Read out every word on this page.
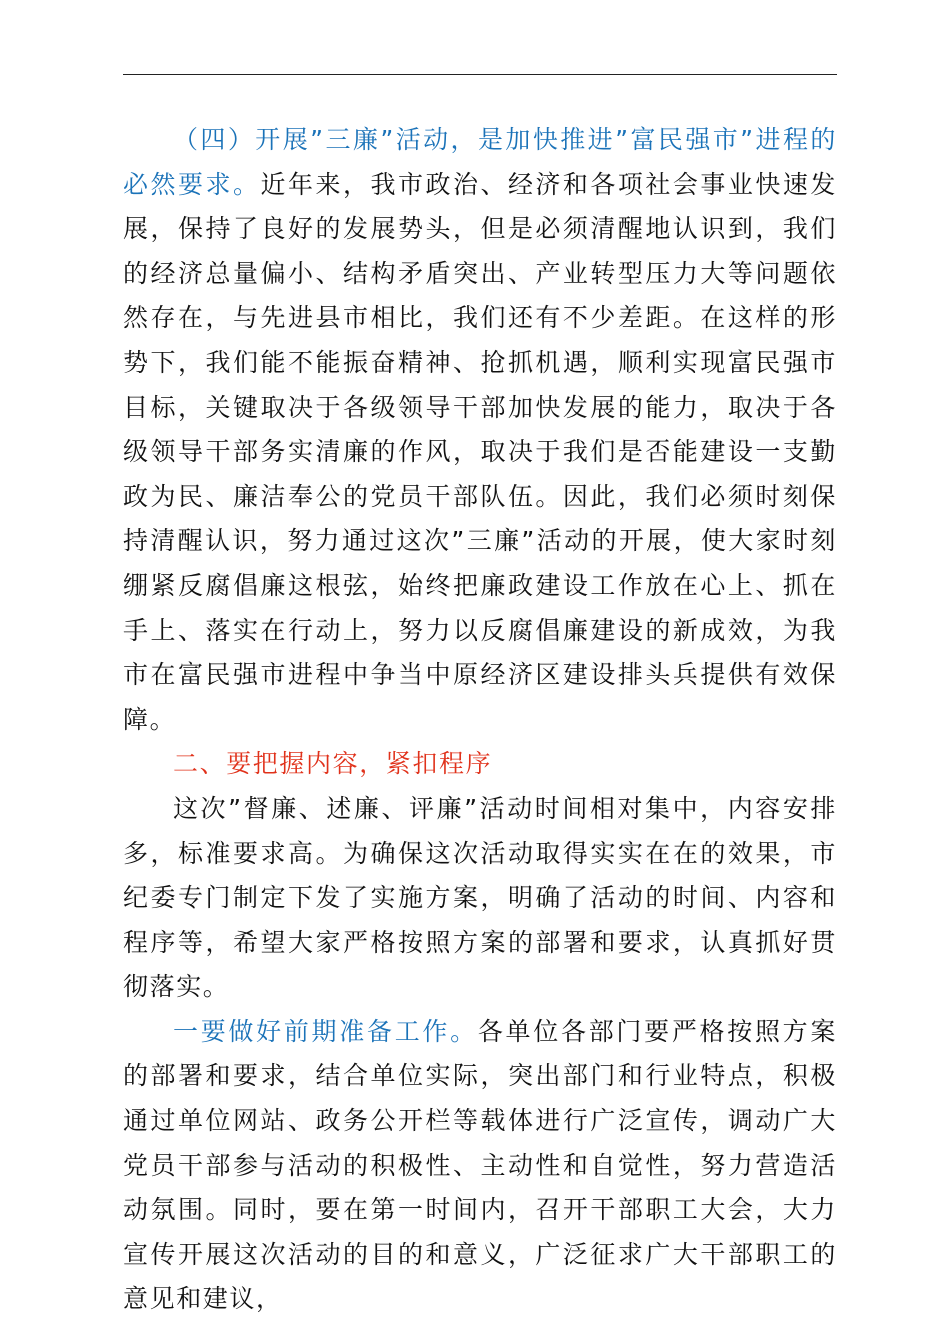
（四）开展”三廉”活动，是加快推进”富民强市”进程的必然要求。近年来，我市政治、经济和各项社会事业快速发展，保持了良好的发展势头，但是必须清醒地认识到，我们的经济总量偏小、结构矛盾突出、产业转型压力大等问题依然存在，与先进县市相比，我们还有不少差距。在这样的形势下，我们能不能振奋精神、抢抓机遇，顺利实现富民强市目标，关键取决于各级领导干部加快发展的能力，取决于各级领导干部务实清廉的作风，取决于我们是否能建设一支勤政为民、廉洁奉公的党员干部队伍。因此，我们必须时刻保持清醒认识，努力通过这次”三廉”活动的开展，使大家时刻绷紧反腐倡廉这根弦，始终把廉政建设工作放在心上、抓在手上、落实在行动上，努力以反腐倡廉建设的新成效，为我市在富民强市进程中争当中原经济区建设排头兵提供有效保障。

二、要把握内容，紧扣程序

这次”督廉、述廉、评廉”活动时间相对集中，内容安排多，标准要求高。为确保这次活动取得实实在在的效果，市纪委专门制定下发了实施方案，明确了活动的时间、内容和程序等，希望大家严格按照方案的部署和要求，认真抓好贯彻落实。

一要做好前期准备工作。各单位各部门要严格按照方案的部署和要求，结合单位实际，突出部门和行业特点，积极通过单位网站、政务公开栏等载体进行广泛宣传，调动广大党员干部参与活动的积极性、主动性和自觉性，努力营造活动氛围。同时，要在第一时间内，召开干部职工大会，大力宣传开展这次活动的目的和意义，广泛征求广大干部职工的意见和建议，
